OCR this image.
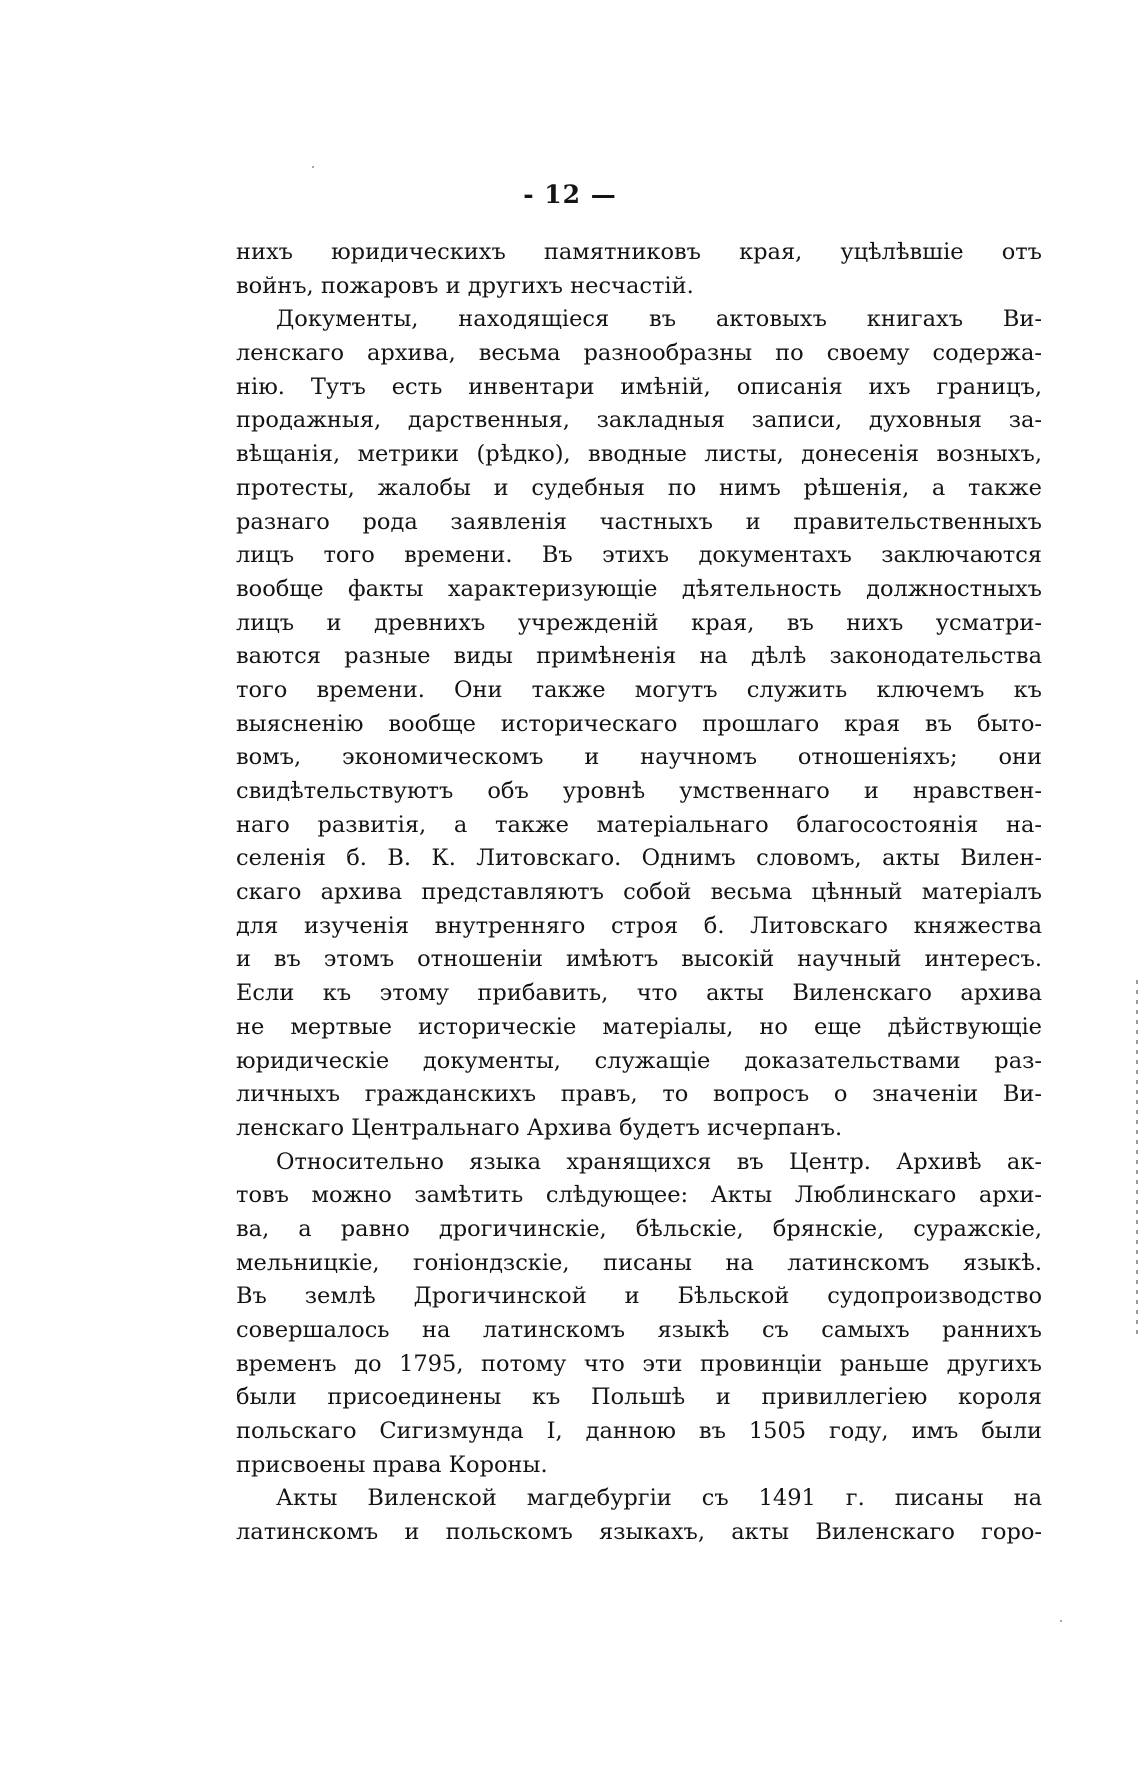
- 12 —
нихъ юридическихъ памятниковъ края, уцѣлѣвшіе отъ
войнъ, пожаровъ и другихъ несчастій.
Документы, находящіеся въ актовыхъ книгахъ Ви-
ленскаго архива, весьма разнообразны по своему содержа-
нію. Тутъ есть инвентари имѣній, описанія ихъ границъ,
продажныя, дарственныя, закладныя записи, духовныя за-
вѣщанія, метрики (рѣдко), вводные листы, донесенія возныхъ,
протесты, жалобы и судебныя по нимъ рѣшенія, а также
разнаго рода заявленія частныхъ и правительственныхъ
лицъ того времени. Въ этихъ документахъ заключаются
вообще факты характеризующіе дѣятельность должностныхъ
лицъ и древнихъ учрежденій края, въ нихъ усматри-
ваются разные виды примѣненія на дѣлѣ законодательства
того времени. Они также могутъ служить ключемъ къ
выясненію вообще историческаго прошлаго края въ быто-
вомъ, экономическомъ и научномъ отношеніяхъ; они
свидѣтельствуютъ объ уровнѣ умственнаго и нравствен-
наго развитія, а также матеріальнаго благосостоянія на-
селенія б. В. К. Литовскаго. Однимъ словомъ, акты Вилен-
скаго архива представляютъ собой весьма цѣнный матеріалъ
для изученія внутренняго строя б. Литовскаго княжества
и въ этомъ отношеніи имѣютъ высокій научный интересъ.
Если къ этому прибавить, что акты Виленскаго архива
не мертвые историческіе матеріалы, но еще дѣйствующіе
юридическіе документы, служащіе доказательствами раз-
личныхъ гражданскихъ правъ, то вопросъ о значеніи Ви-
ленскаго Центральнаго Архива будетъ исчерпанъ.
Относительно языка хранящихся въ Центр. Архивѣ ак-
товъ можно замѣтить слѣдующее: Акты Люблинскаго архи-
ва, а равно дрогичинскіе, бѣльскіе, брянскіе, суражскіе,
мельницкіе, гоніондзскіе, писаны на латинскомъ языкѣ.
Въ землѣ Дрогичинской и Бѣльской судопроизводство
совершалось на латинскомъ языкѣ съ самыхъ раннихъ
временъ до 1795, потому что эти провинціи раньше другихъ
были присоединены къ Польшѣ и привиллегіею короля
польскаго Сигизмунда I, данною въ 1505 году, имъ были
присвоены права Короны.
Акты Виленской магдебургіи съ 1491 г. писаны на
латинскомъ и польскомъ языкахъ, акты Виленскаго горо-
